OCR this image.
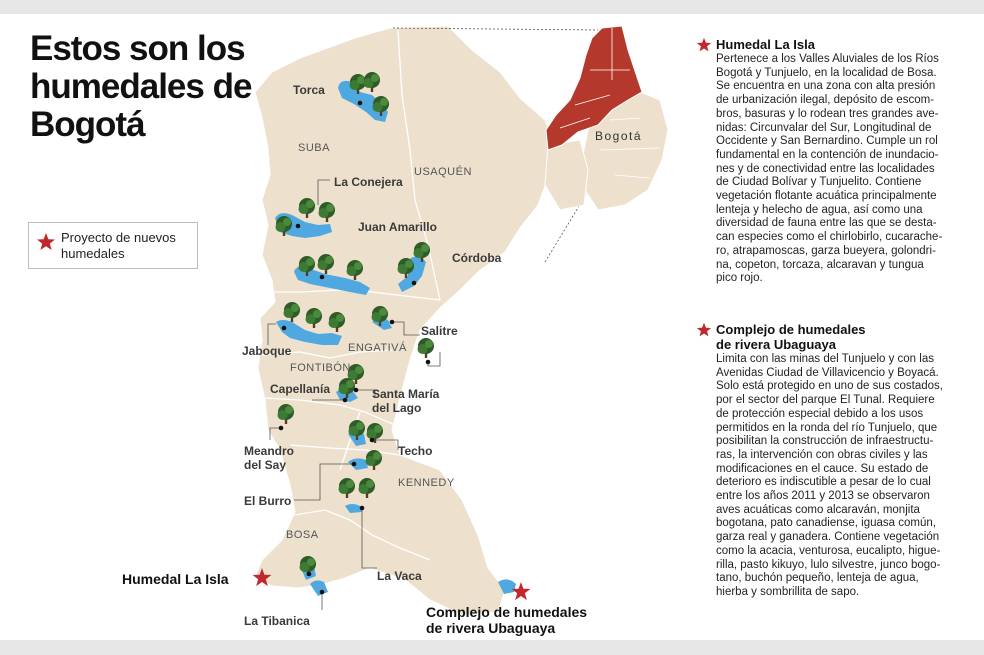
Estos son los humedales de Bogotá
Proyecto de nuevos humedales
Bogotá
SUBA
USAQUÉN
ENGATIVÁ
FONTIBÓN
KENNEDY
BOSA
Torca
La Conejera
Juan Amarillo
Córdoba
Salitre
Jaboque
Capellanía	Santa María
del Lago
Meandro
del Say
Techo
El Burro
La Vaca
La Tibanica
Humedal La Isla
Complejo de humedales
de rivera Ubaguaya
Humedal La Isla

Pertenece a los Valles Aluviales de los Ríos
Bogotá y Tunjuelo, en la localidad de Bosa.
Se encuentra en una zona con alta presión
de urbanización ilegal, depósito de escom-
bros, basuras y lo rodean tres grandes ave-
nidas: Circunvalar del Sur, Longitudinal de
Occidente y San Bernardino. Cumple un rol
fundamental en la contención de inundacio-
nes y de conectividad entre las localidades
de Ciudad Bolívar y Tunjuelito. Contiene
vegetación flotante acuática principalmente
lenteja y helecho de agua, así como una
diversidad de fauna entre las que se desta-
can especies como el chirlobirlo, cucarache-
ro, atrapamoscas, garza bueyera, golondri-
na, copeton, torcaza, alcaravan y tungua
pico rojo.

Complejo de humedales
de rivera Ubaguaya

Limita con las minas del Tunjuelo y con las
Avenidas Ciudad de Villavicencio y Boyacá.
Solo está protegido en uno de sus costados,
por el sector del parque El Tunal. Requiere
de protección especial debido a los usos
permitidos en la ronda del río Tunjuelo, que
posibilitan la construcción de infraestructu-
ras, la intervención con obras civiles y las
modificaciones en el cauce. Su estado de
deterioro es indiscutible a pesar de lo cual
entre los años 2011 y 2013 se observaron
aves acuáticas como alcaraván, monjita
bogotana, pato canadiense, iguasa común,
garza real y ganadera. Contiene vegetación
como la acacia, venturosa, eucalipto, higue-
rilla, pasto kikuyo, lulo silvestre, junco bogo-
tano, buchón pequeño, lenteja de agua,
hierba y sombrillita de sapo.
